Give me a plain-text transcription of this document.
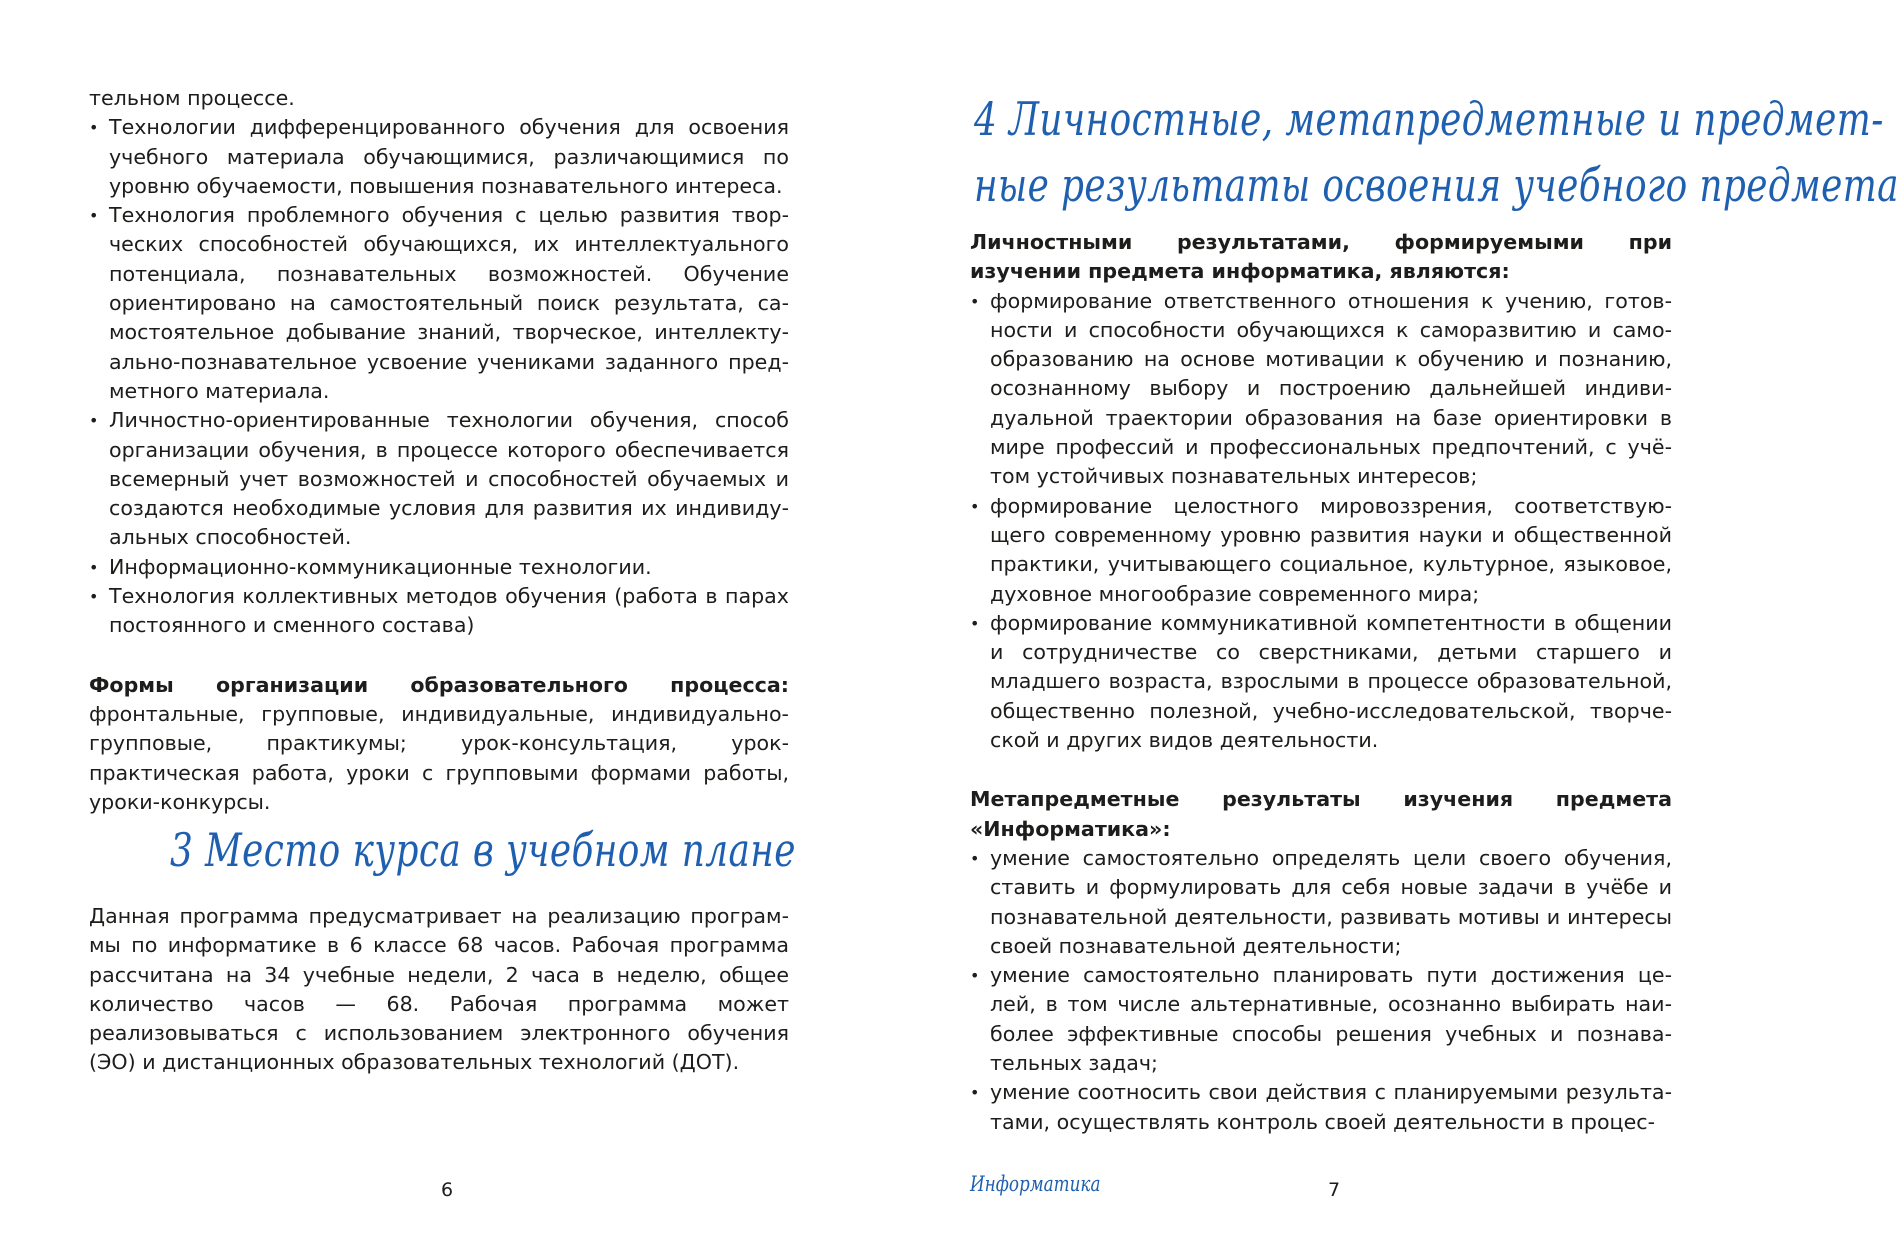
тельном процессе.

• Технологии дифференцированного обучения для освоения учебного материала обучающимися, различающимися по уровню обучаемости, повышения познавательного интереса.
• Технология проблемного обучения с целью развития творческих способностей обучающихся, их интеллектуального потенциала, познавательных возможностей. Обучение ориентировано на самостоятельный поиск результата, самостоятельное добывание знаний, творческое, интеллектуально-познавательное усвоение учениками заданного предметного материала.
• Личностно-ориентированные технологии обучения, способ организации обучения, в процессе которого обеспечивается всемерный учет возможностей и способностей обучаемых и создаются необходимые условия для развития их индивидуальных способностей.
• Информационно-коммуникационные технологии.
• Технология коллективных методов обучения (работа в парах постоянного и сменного состава)

Формы организации образовательного процесса: фронтальные, групповые, индивидуальные, индивидуально-групповые, практикумы; урок-консультация, урок-практическая работа, уроки с групповыми формами работы, уроки-конкурсы.

3 Место курса в учебном плане

Данная программа предусматривает на реализацию программы по информатике в 6 классе 68 часов. Рабочая программа рассчитана на 34 учебные недели, 2 часа в неделю, общее количество часов — 68. Рабочая программа может реализовываться с использованием электронного обучения (ЭО) и дистанционных образовательных технологий (ДОТ).

6
4 Личностные, метапредметные и предмет-
ные результаты освоения учебного предмета

Личностными результатами, формируемыми при изучении предмета информатика, являются:

• формирование ответственного отношения к учению, готовности и способности обучающихся к саморазвитию и самообразованию на основе мотивации к обучению и познанию, осознанному выбору и построению дальнейшей индивидуальной траектории образования на базе ориентировки в мире профессий и профессиональных предпочтений, с учётом устойчивых познавательных интересов;
• формирование целостного мировоззрения, соответствующего современному уровню развития науки и общественной практики, учитывающего социальное, культурное, языковое, духовное многообразие современного мира;
• формирование коммуникативной компетентности в общении и сотрудничестве со сверстниками, детьми старшего и младшего возраста, взрослыми в процессе образовательной, общественно полезной, учебно-исследовательской, творческой и других видов деятельности.

Метапредметные результаты изучения предмета «Информатика»:

• умение самостоятельно определять цели своего обучения, ставить и формулировать для себя новые задачи в учёбе и познавательной деятельности, развивать мотивы и интересы своей познавательной деятельности;
• умение самостоятельно планировать пути достижения целей, в том числе альтернативные, осознанно выбирать наиболее эффективные способы решения учебных и познавательных задач;
• умение соотносить свои действия с планируемыми результатами, осуществлять контроль своей деятельности в процес-
Информатика	7
